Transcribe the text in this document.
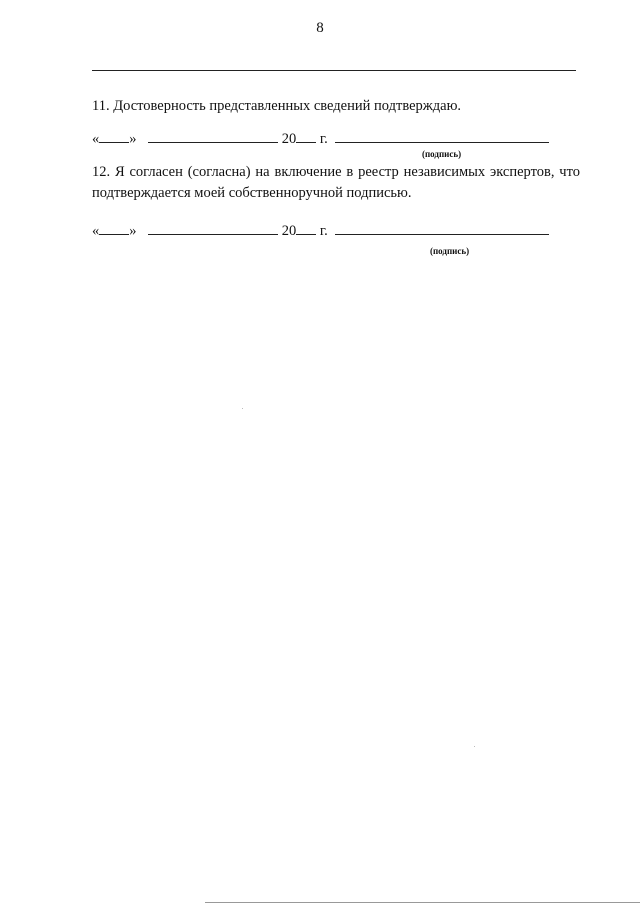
8

11. Достоверность представленных сведений подтверждаю.

« »	20 г.
(подпись)

12. Я согласен (согласна) на включение в реестр независимых экспертов, что подтверждается моей собственноручной подписью.

« »	20 г.
(подпись)
